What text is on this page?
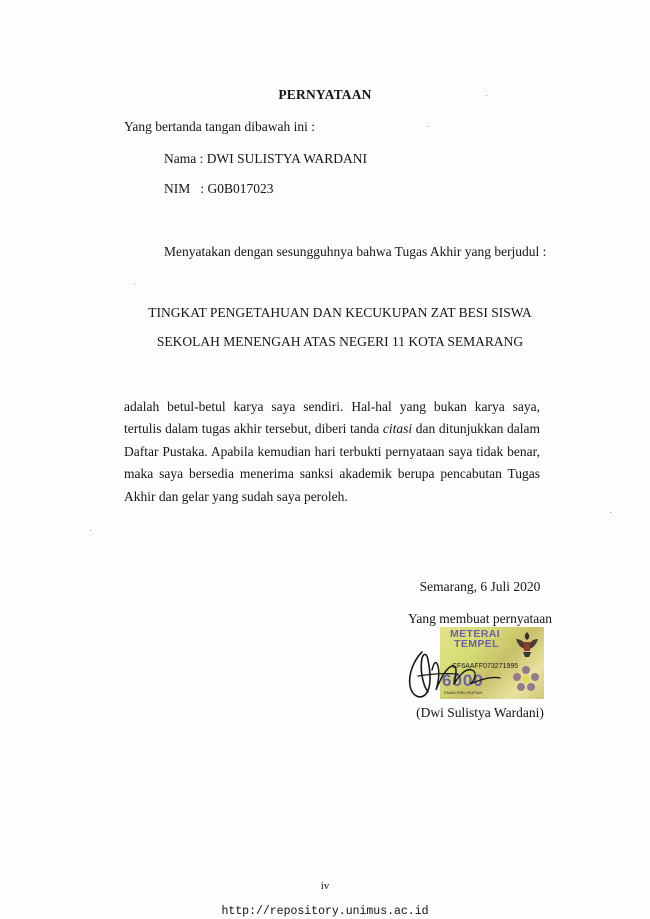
PERNYATAAN
Yang bertanda tangan dibawah ini :
Nama : DWI SULISTYA WARDANI
NIM   : G0B017023
Menyatakan dengan sesungguhnya bahwa Tugas Akhir yang berjudul :
TINGKAT PENGETAHUAN DAN KECUKUPAN ZAT BESI SISWA
SEKOLAH MENENGAH ATAS NEGERI 11 KOTA SEMARANG

adalah betul-betul karya saya sendiri. Hal-hal yang bukan karya saya, tertulis dalam tugas akhir tersebut, diberi tanda citasi dan ditunjukkan dalam Daftar Pustaka. Apabila kemudian hari terbukti pernyataan saya tidak benar, maka saya bersedia menerima sanksi akademik berupa pencabutan Tugas Akhir dan gelar yang sudah saya peroleh.

Semarang, 6 Juli 2020
Yang membuat pernyataan
METERAI
TEMPEL
CF6AAFF073271995
6000
ENAM RIBU RUPIAH
(Dwi Sulistya Wardani)
iv
http://repository.unimus.ac.id
